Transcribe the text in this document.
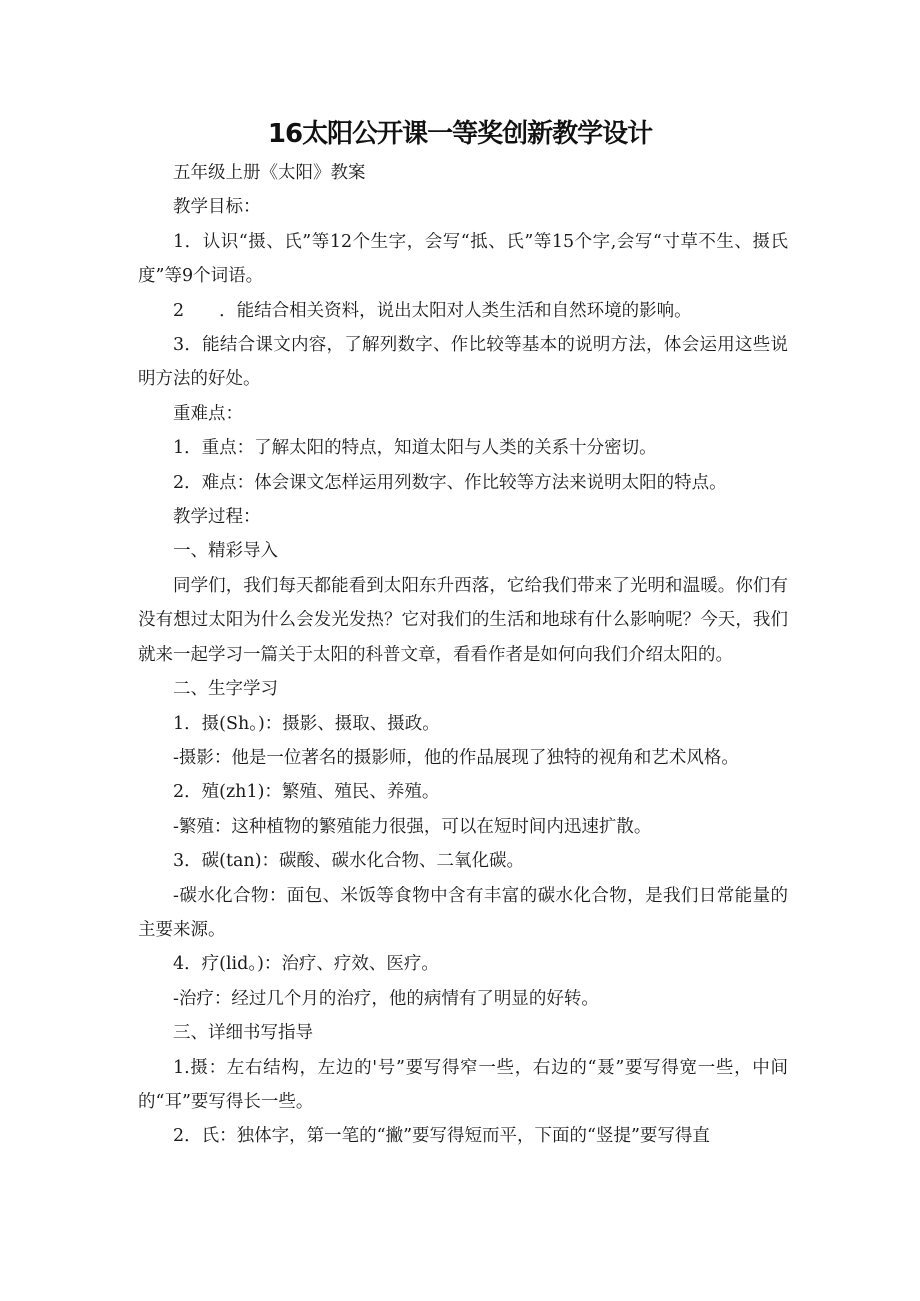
16太阳公开课一等奖创新教学设计

五年级上册《太阳》教案

教学目标：

1．认识“摄、氏”等12个生字，会写“抵、氏”等15个字,会写“寸草不生、摄氏度”等9个词语。

2　　．能结合相关资料，说出太阳对人类生活和自然环境的影响。

3．能结合课文内容，了解列数字、作比较等基本的说明方法，体会运用这些说明方法的好处。

重难点：

1．重点：了解太阳的特点，知道太阳与人类的关系十分密切。

2．难点：体会课文怎样运用列数字、作比较等方法来说明太阳的特点。

教学过程：

一、精彩导入

同学们，我们每天都能看到太阳东升西落，它给我们带来了光明和温暖。你们有没有想过太阳为什么会发光发热？它对我们的生活和地球有什么影响呢？今天，我们就来一起学习一篇关于太阳的科普文章，看看作者是如何向我们介绍太阳的。

二、生字学习

1．摄(Sh。)：摄影、摄取、摄政。

-摄影：他是一位著名的摄影师，他的作品展现了独特的视角和艺术风格。

2．殖(zh1)：繁殖、殖民、养殖。

-繁殖：这种植物的繁殖能力很强，可以在短时间内迅速扩散。

3．碳(tan)：碳酸、碳水化合物、二氧化碳。

-碳水化合物：面包、米饭等食物中含有丰富的碳水化合物，是我们日常能量的主要来源。

4．疗(lid。)：治疗、疗效、医疗。

-治疗：经过几个月的治疗，他的病情有了明显的好转。

三、详细书写指导

1.摄：左右结构，左边的'号”要写得窄一些，右边的“聂”要写得宽一些，中间的“耳”要写得长一些。

2．氏：独体字，第一笔的“撇”要写得短而平，下面的“竖提”要写得直
